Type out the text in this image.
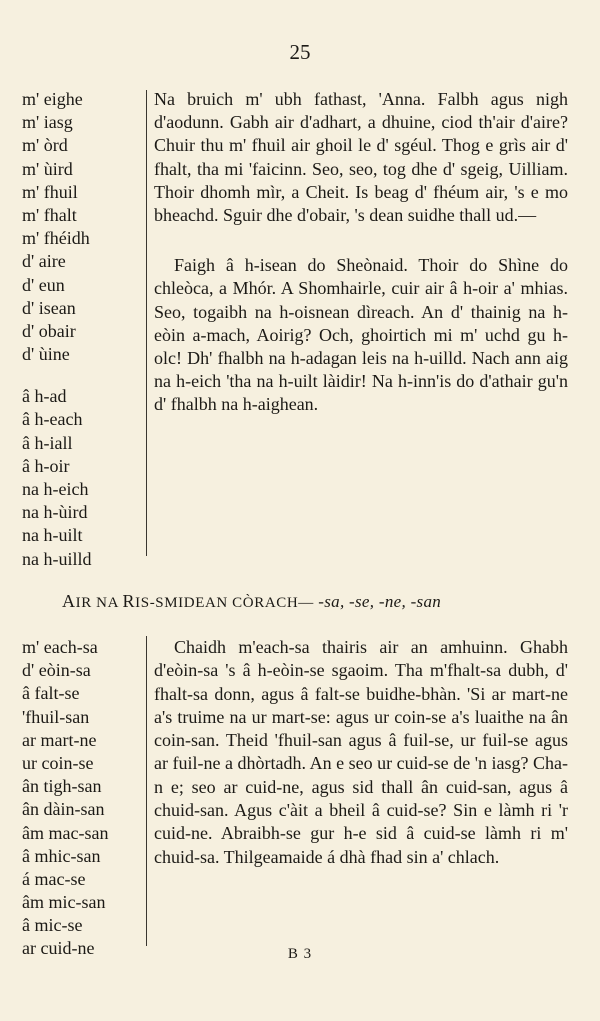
25
m' eighe
m' iasg
m' òrd
m' ùird
m' fhuil
m' fhalt
m' fhéidh
d' aire
d' eun
d' isean
d' obair
d' ùine
â h-ad
â h-each
â h-iall
â h-oir
na h-eich
na h-ùird
na h-uilt
na h-uilld

Na bruich m' ubh fathast, 'Anna. Falbh agus nigh d'aodunn. Gabh air d'adhart, a dhuine, ciod th'air d'aire? Chuir thu m' fhuil air ghoil le d' sgéul. Thog e grìs air d' fhalt, tha mi 'faicinn. Seo, seo, tog dhe d' sgeig, Uilliam. Thoir dhomh mìr, a Cheit. Is beag d' fhéum air, 's e mo bheachd. Sguir dhe d'obair, 's dean suidhe thall ud.—

Faigh â h-isean do Sheònaid. Thoir do Shìne do chleòca, a Mhór. A Shomhairle, cuir air â h-oir a' mhias. Seo, togaibh na h-oisnean dìreach. An d' thainig na h-eòin a-mach, Aoirig? Och, ghoirtich mi m' uchd gu h-olc! Dh' fhalbh na h-adagan leis na h-uilld. Nach ann aig na h-eich 'tha na h-uilt làidir! Na h-inn'is do d'athair gu'n d' fhalbh na h-aighean.

AIR NA RIS-SMIDEAN CÒRACH— -sa, -se, -ne, -san
m' each-sa
d' eòin-sa
â falt-se
'fhuil-san
ar mart-ne
ur coin-se
ân tigh-san
ân dàin-san
âm mac-san
â mhic-san
á mac-se
âm mic-san
â mic-se
ar cuid-ne

Chaidh m'each-sa thairis air an amhuinn. Ghabh d'eòin-sa 's â h-eòin-se sgaoim. Tha m'fhalt-sa dubh, d' fhalt-sa donn, agus â falt-se buidhe-bhàn. 'Si ar mart-ne a's truime na ur mart-se: agus ur coin-se a's luaithe na ân coin-san. Theid 'fhuil-san agus â fuil-se, ur fuil-se agus ar fuil-ne a dhòrtadh. An e seo ur cuid-se de 'n iasg? Cha-n e; seo ar cuid-ne, agus sid thall ân cuid-san, agus â chuid-san. Agus c'àit a bheil â cuid-se? Sin e làmh ri 'r cuid-ne. Abraibh-se gur h-e sid â cuid-se làmh ri m' chuid-sa. Thilgeamaide á dhà fhad sin a' chlach.

B 3
